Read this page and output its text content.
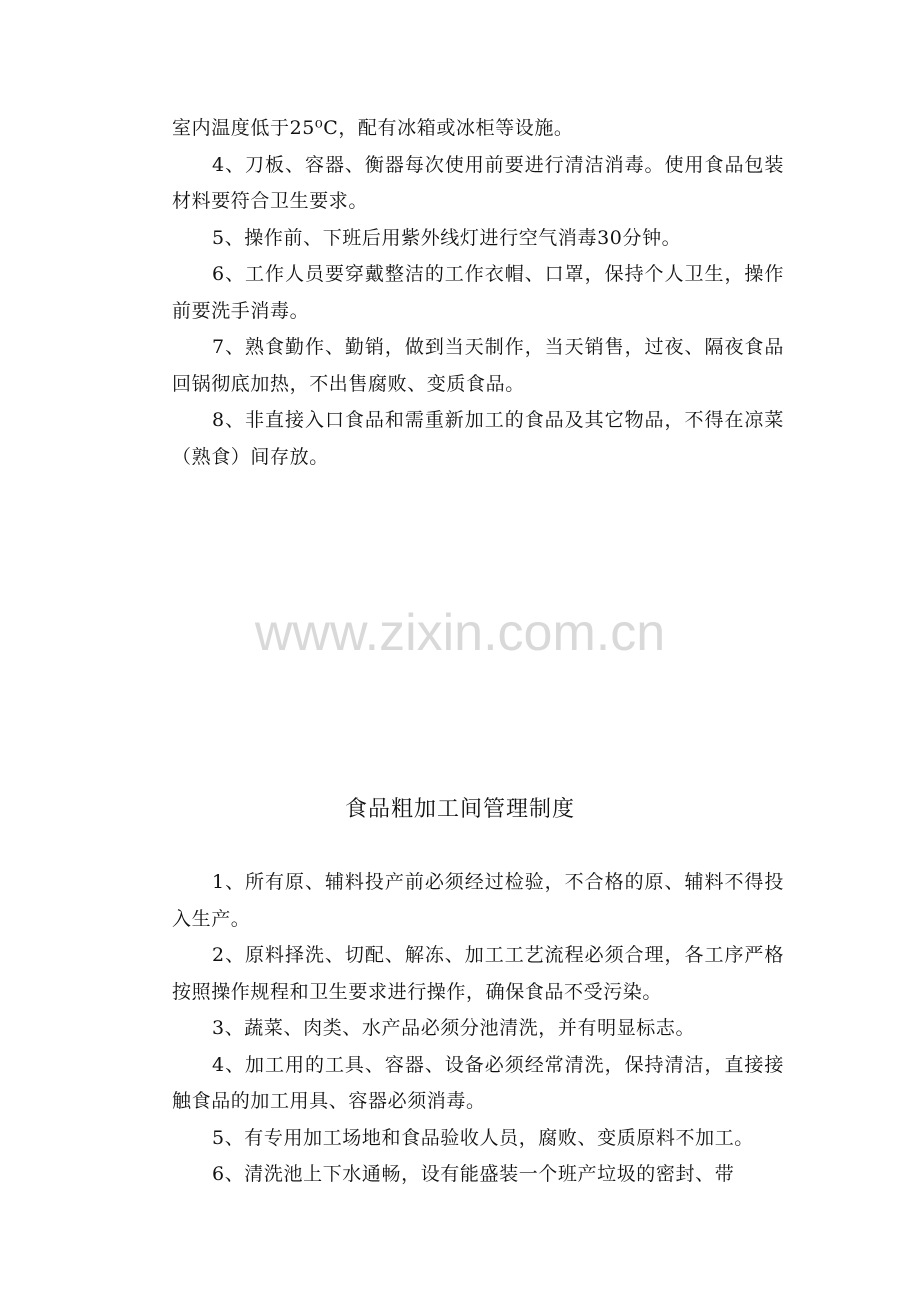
室内温度低于25⁰C，配有冰箱或冰柜等设施。

4、刀板、容器、衡器每次使用前要进行清洁消毒。使用食品包装材料要符合卫生要求。

5、操作前、下班后用紫外线灯进行空气消毒30分钟。

6、工作人员要穿戴整洁的工作衣帽、口罩，保持个人卫生，操作前要洗手消毒。

7、熟食勤作、勤销，做到当天制作，当天销售，过夜、隔夜食品回锅彻底加热，不出售腐败、变质食品。

8、非直接入口食品和需重新加工的食品及其它物品，不得在凉菜（熟食）间存放。

www.zixin.com.cn
食品粗加工间管理制度

1、所有原、辅料投产前必须经过检验，不合格的原、辅料不得投入生产。

2、原料择洗、切配、解冻、加工工艺流程必须合理，各工序严格按照操作规程和卫生要求进行操作，确保食品不受污染。

3、蔬菜、肉类、水产品必须分池清洗，并有明显标志。

4、加工用的工具、容器、设备必须经常清洗，保持清洁，直接接触食品的加工用具、容器必须消毒。

5、有专用加工场地和食品验收人员，腐败、变质原料不加工。

6、清洗池上下水通畅，设有能盛装一个班产垃圾的密封、带
